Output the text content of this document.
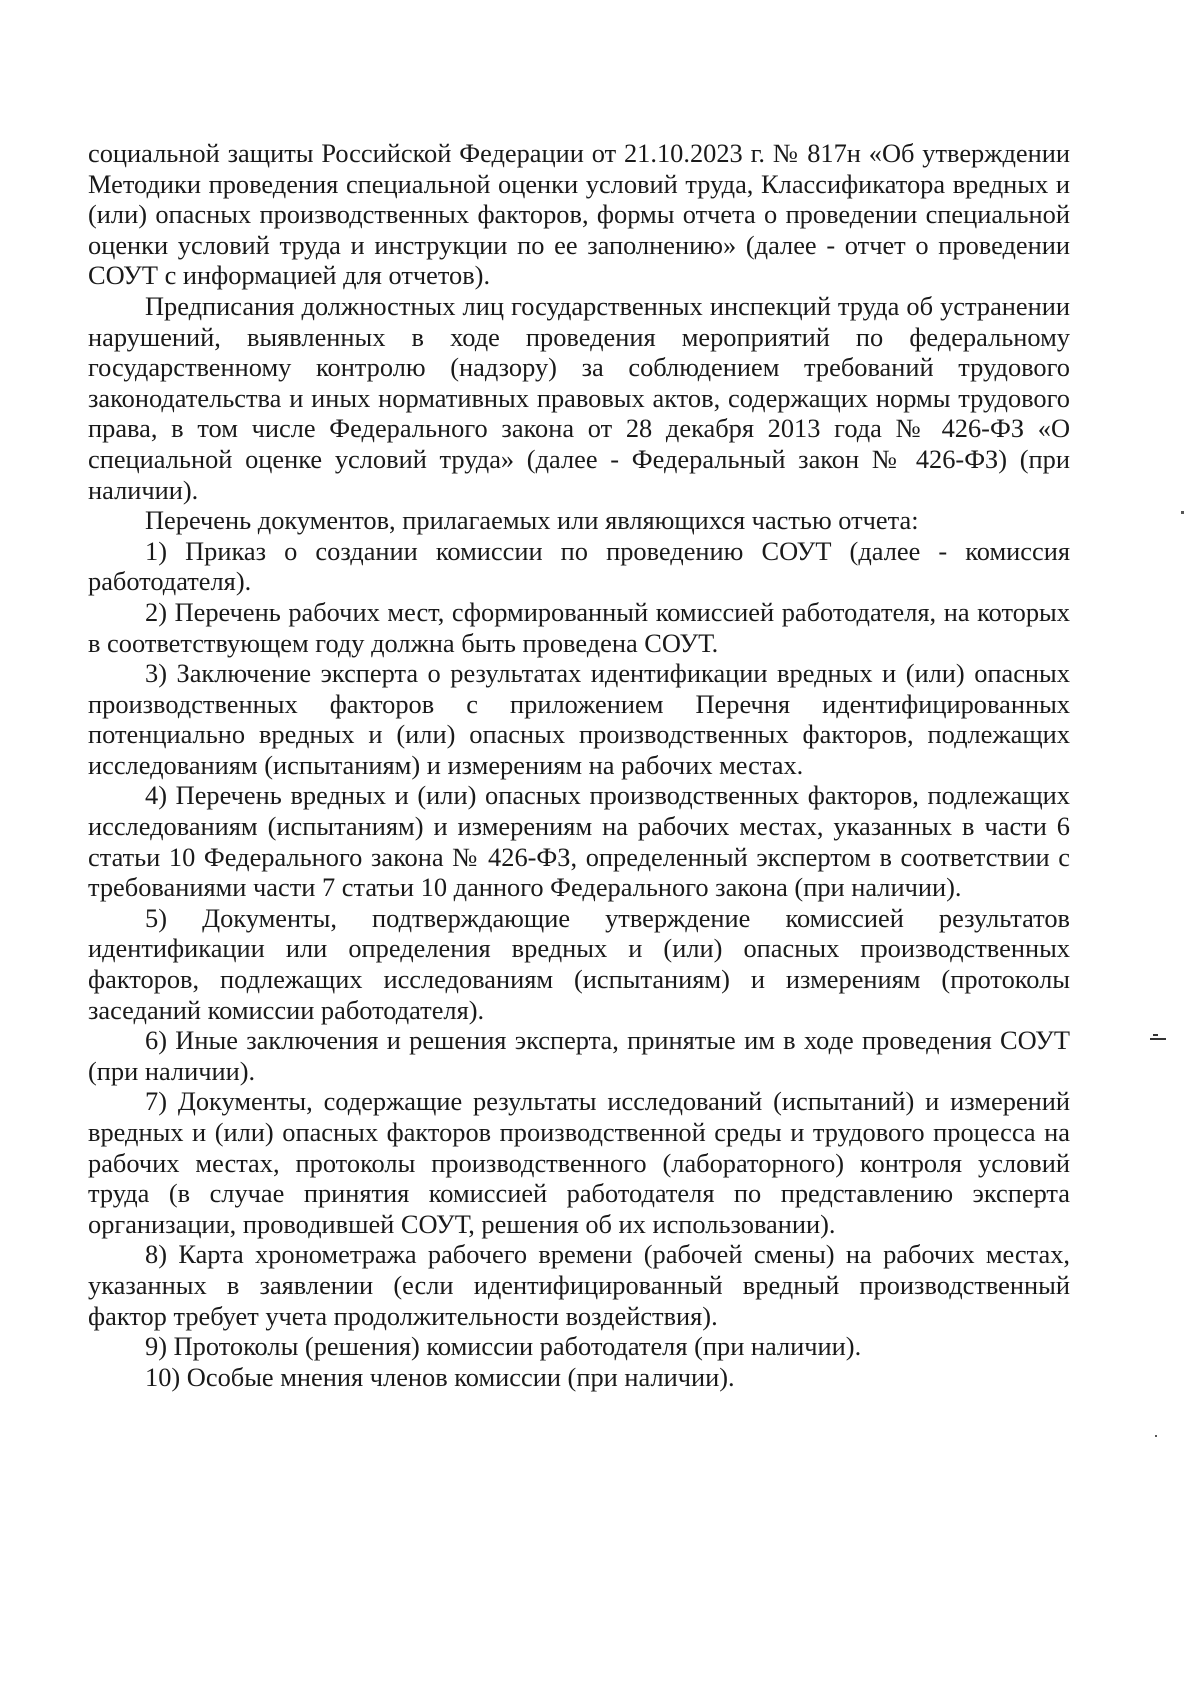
социальной защиты Российской Федерации от 21.10.2023 г. № 817н «Об утверждении Методики проведения специальной оценки условий труда, Классификатора вредных и (или) опасных производственных факторов, формы отчета о проведении специальной оценки условий труда и инструкции по ее заполнению» (далее - отчет о проведении СОУТ с информацией для отчетов).

Предписания должностных лиц государственных инспекций труда об устранении нарушений, выявленных в ходе проведения мероприятий по федеральному государственному контролю (надзору) за соблюдением требований трудового законодательства и иных нормативных правовых актов, содержащих нормы трудового права, в том числе Федерального закона от 28 декабря 2013 года № 426-ФЗ «О специальной оценке условий труда» (далее - Федеральный закон № 426-ФЗ) (при наличии).

Перечень документов, прилагаемых или являющихся частью отчета:

1) Приказ о создании комиссии по проведению СОУТ (далее - комиссия работодателя).

2) Перечень рабочих мест, сформированный комиссией работодателя, на которых в соответствующем году должна быть проведена СОУТ.

3) Заключение эксперта о результатах идентификации вредных и (или) опасных производственных факторов с приложением Перечня идентифицированных потенциально вредных и (или) опасных производственных факторов, подлежащих исследованиям (испытаниям) и измерениям на рабочих местах.

4) Перечень вредных и (или) опасных производственных факторов, подлежащих исследованиям (испытаниям) и измерениям на рабочих местах, указанных в части 6 статьи 10 Федерального закона № 426-ФЗ, определенный экспертом в соответствии с требованиями части 7 статьи 10 данного Федерального закона (при наличии).

5) Документы, подтверждающие утверждение комиссией результатов идентификации или определения вредных и (или) опасных производственных факторов, подлежащих исследованиям (испытаниям) и измерениям (протоколы заседаний комиссии работодателя).

6) Иные заключения и решения эксперта, принятые им в ходе проведения СОУТ (при наличии).

7) Документы, содержащие результаты исследований (испытаний) и измерений вредных и (или) опасных факторов производственной среды и трудового процесса на рабочих местах, протоколы производственного (лабораторного) контроля условий труда (в случае принятия комиссией работодателя по представлению эксперта организации, проводившей СОУТ, решения об их использовании).

8) Карта хронометража рабочего времени (рабочей смены) на рабочих местах, указанных в заявлении (если идентифицированный вредный производственный фактор требует учета продолжительности воздействия).

9) Протоколы (решения) комиссии работодателя (при наличии).

10) Особые мнения членов комиссии (при наличии).
